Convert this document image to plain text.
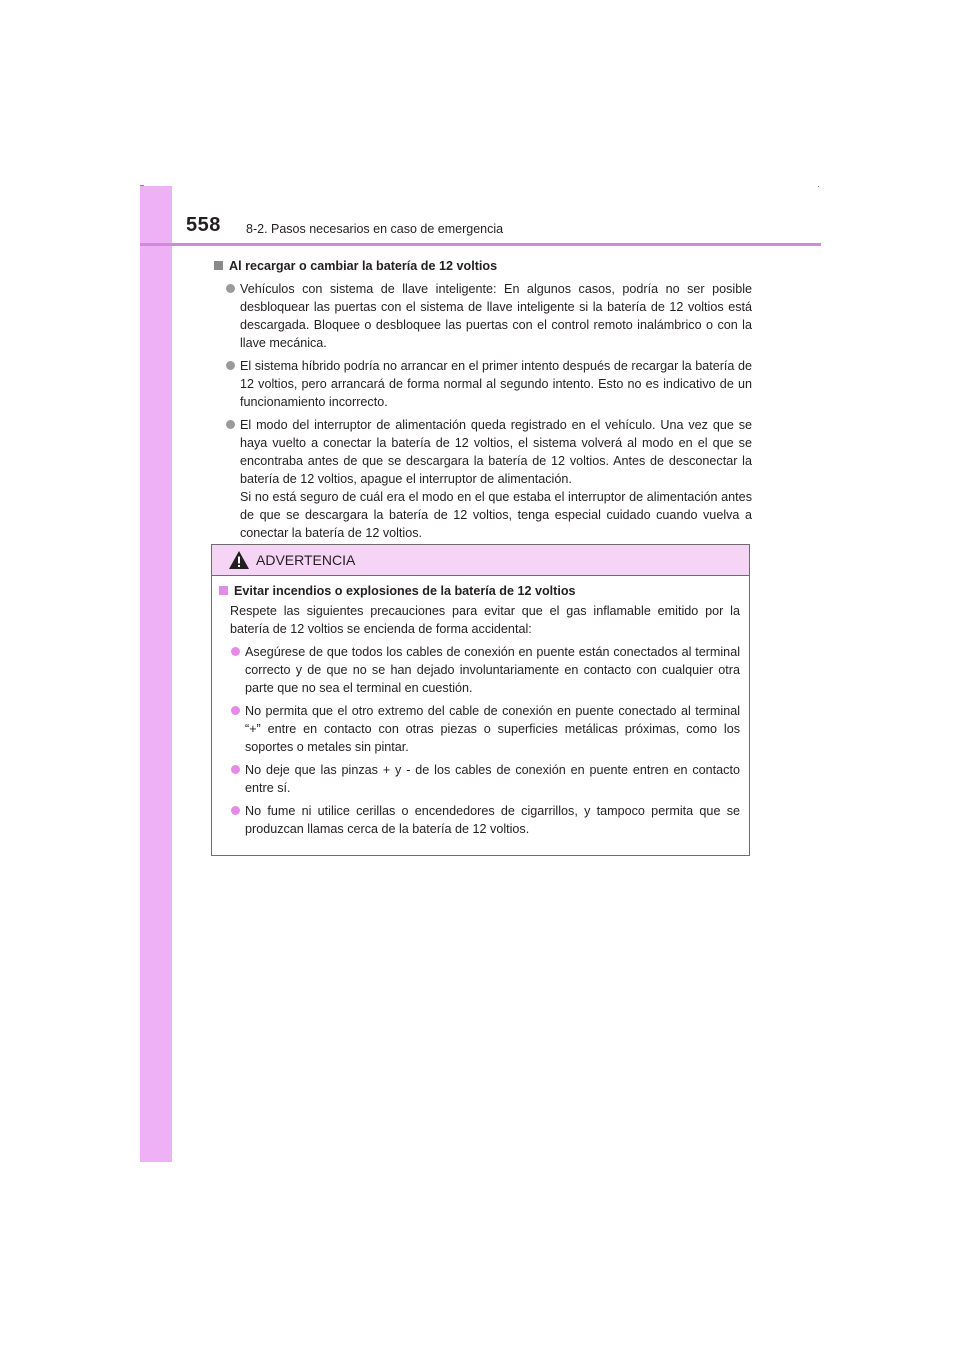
558 8-2. Pasos necesarios en caso de emergencia
Al recargar o cambiar la batería de 12 voltios

Vehículos con sistema de llave inteligente: En algunos casos, podría no ser posible desbloquear las puertas con el sistema de llave inteligente si la batería de 12 voltios está descargada. Bloquee o desbloquee las puertas con el control remoto inalámbrico o con la llave mecánica.

El sistema híbrido podría no arrancar en el primer intento después de recargar la batería de 12 voltios, pero arrancará de forma normal al segundo intento. Esto no es indicativo de un funcionamiento incorrecto.

El modo del interruptor de alimentación queda registrado en el vehículo. Una vez que se haya vuelto a conectar la batería de 12 voltios, el sistema volverá al modo en el que se encontraba antes de que se descargara la batería de 12 voltios. Antes de desconectar la batería de 12 voltios, apague el interruptor de alimentación.

Si no está seguro de cuál era el modo en el que estaba el interruptor de alimentación antes de que se descargara la batería de 12 voltios, tenga especial cuidado cuando vuelva a conectar la batería de 12 voltios.

ADVERTENCIA
Evitar incendios o explosiones de la batería de 12 voltios
Respete las siguientes precauciones para evitar que el gas inflamable emitido por la batería de 12 voltios se encienda de forma accidental:

Asegúrese de que todos los cables de conexión en puente están conectados al terminal correcto y de que no se han dejado involuntariamente en contacto con cualquier otra parte que no sea el terminal en cuestión.

No permita que el otro extremo del cable de conexión en puente conectado al terminal “+” entre en contacto con otras piezas o superficies metálicas próximas, como los soportes o metales sin pintar.

No deje que las pinzas + y - de los cables de conexión en puente entren en contacto entre sí.

No fume ni utilice cerillas o encendedores de cigarrillos, y tampoco permita que se produzcan llamas cerca de la batería de 12 voltios.
